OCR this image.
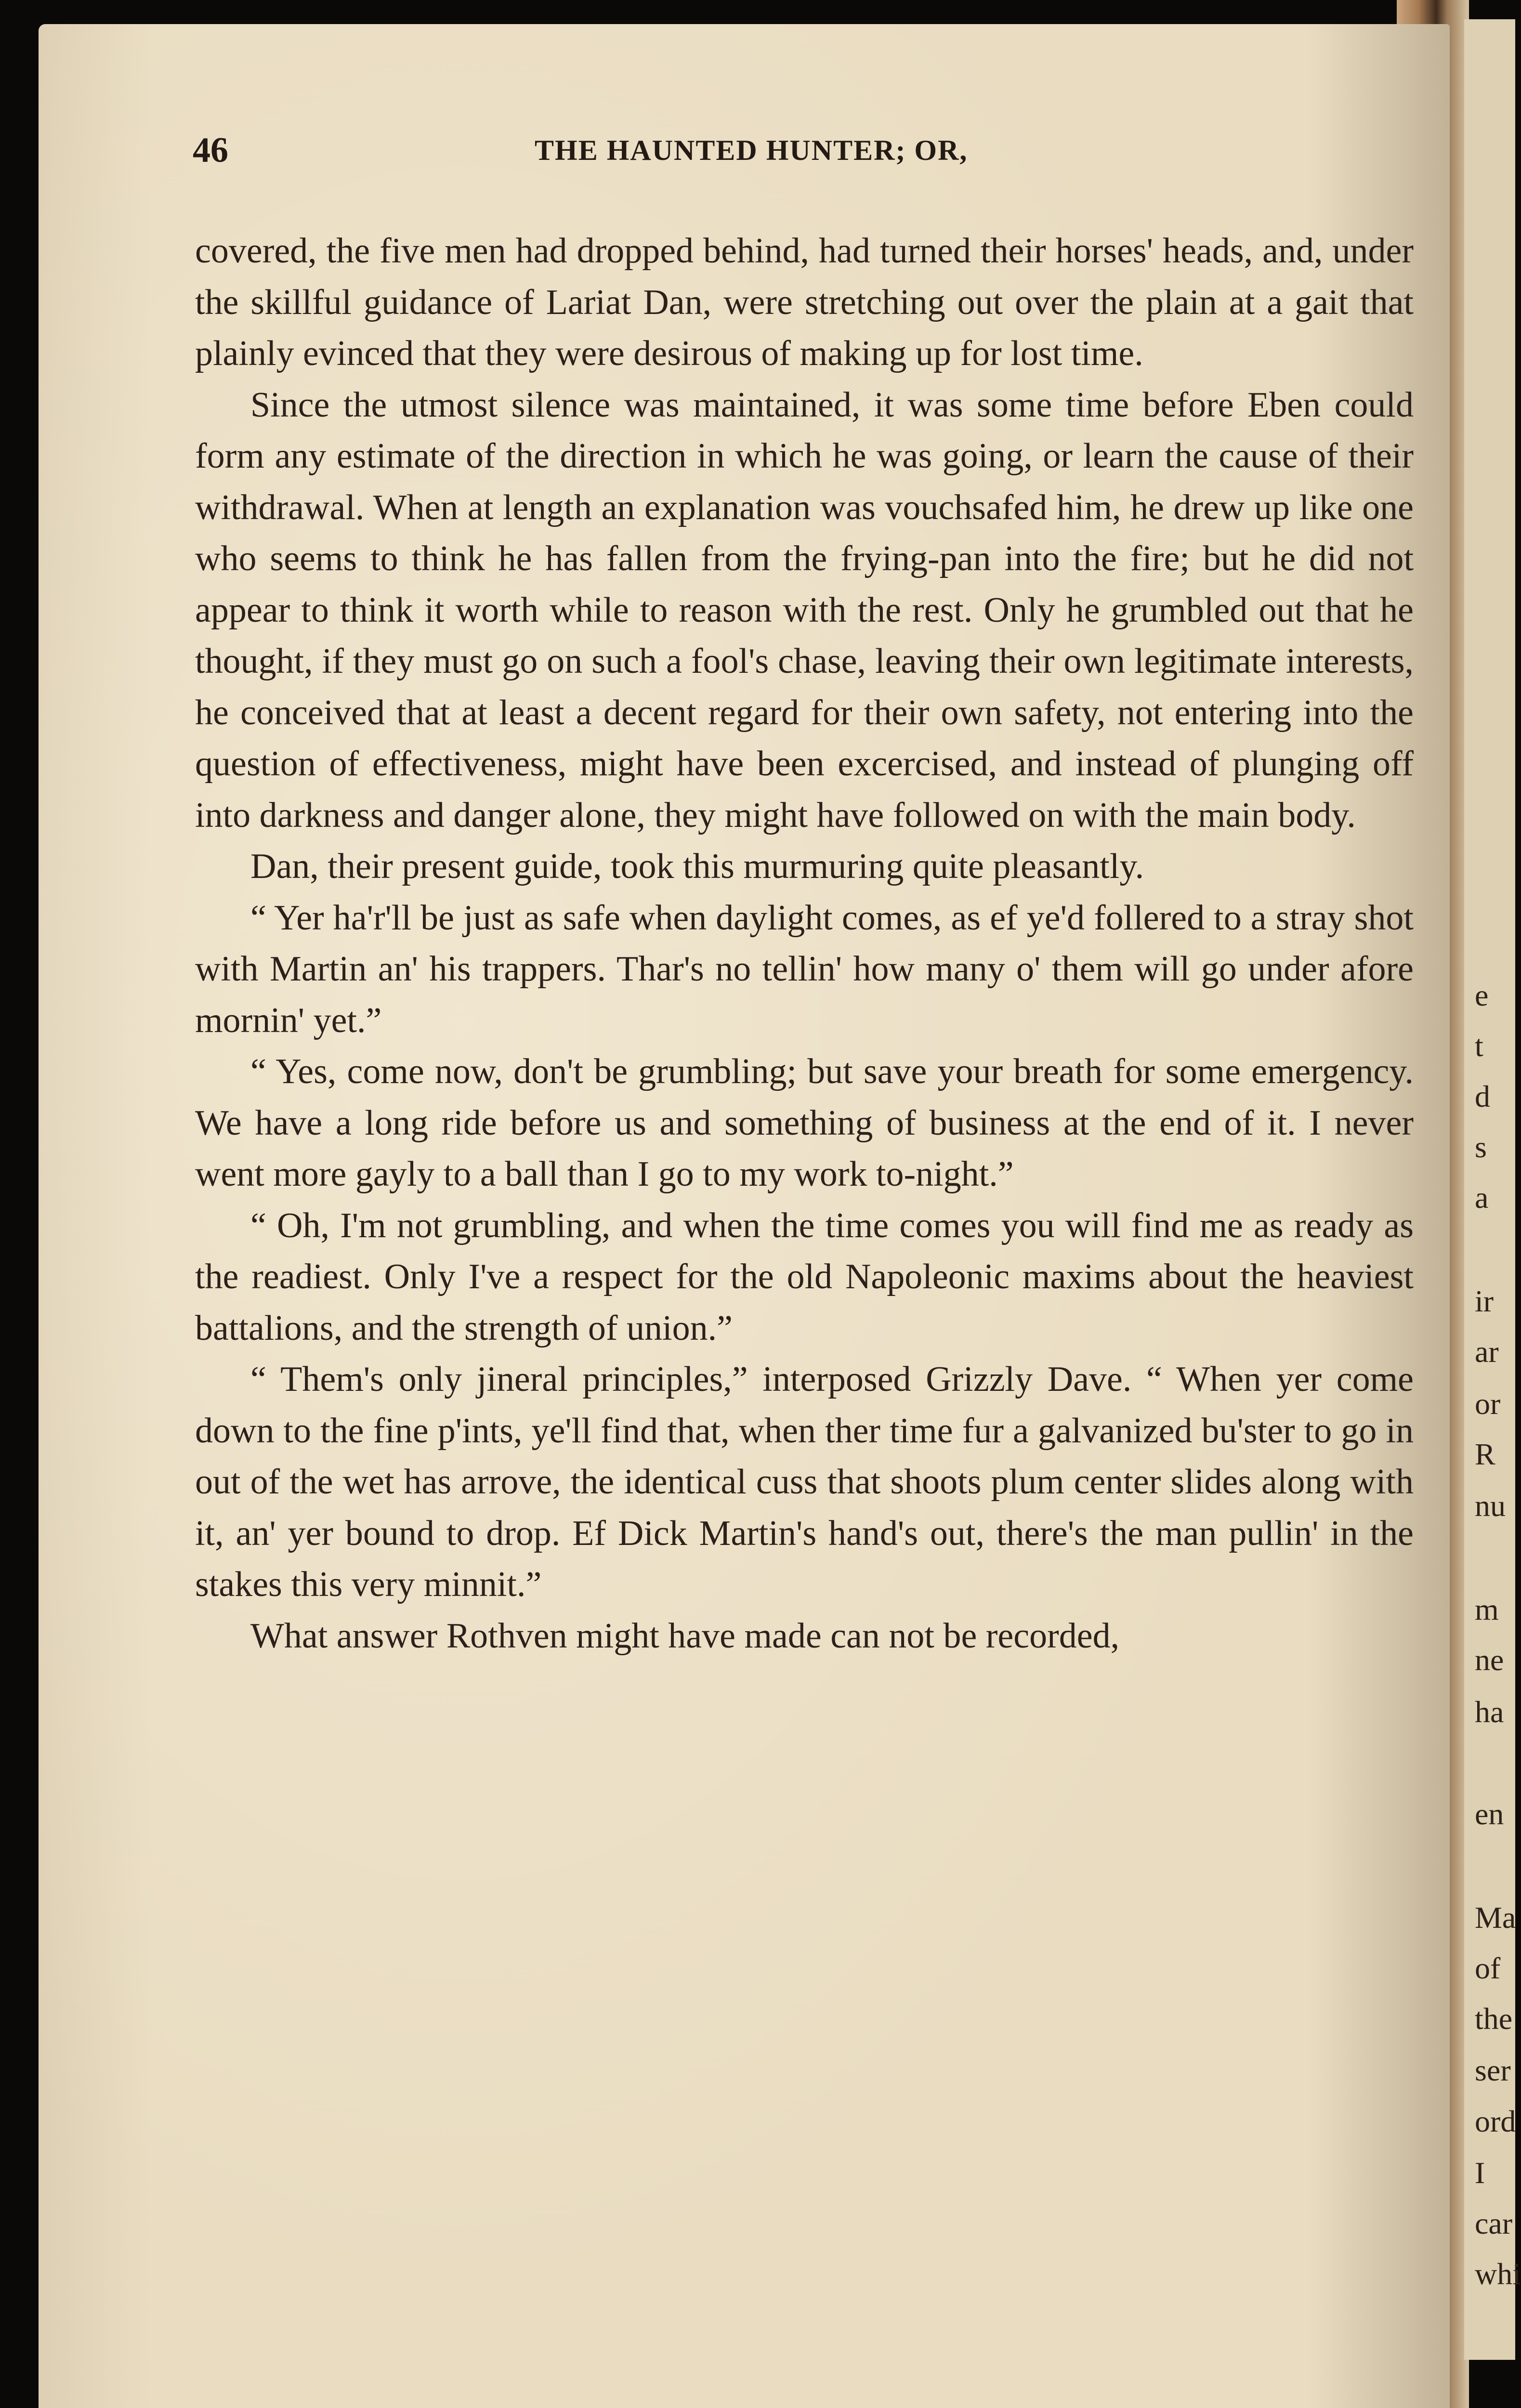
e
t
d
s
a
ir
ar
or
R
nu
m
ne
ha
en
Ma
of
the
ser
ord
I
car
whi
46	THE HAUNTED HUNTER; OR,

covered, the five men had dropped behind, had turned their horses' heads, and, under the skillful guidance of Lariat Dan, were stretching out over the plain at a gait that plainly evinced that they were desirous of making up for lost time.

Since the utmost silence was maintained, it was some time before Eben could form any estimate of the direction in which he was going, or learn the cause of their withdrawal. When at length an explanation was vouchsafed him, he drew up like one who seems to think he has fallen from the frying-pan into the fire; but he did not appear to think it worth while to reason with the rest. Only he grumbled out that he thought, if they must go on such a fool's chase, leaving their own legitimate interests, he conceived that at least a decent regard for their own safety, not entering into the question of effectiveness, might have been excercised, and instead of plunging off into darkness and danger alone, they might have followed on with the main body.

Dan, their present guide, took this murmuring quite pleasantly.

“ Yer ha'r'll be just as safe when daylight comes, as ef ye'd follered to a stray shot with Martin an' his trappers. Thar's no tellin' how many o' them will go under afore mornin' yet.”

“ Yes, come now, don't be grumbling; but save your breath for some emergency. We have a long ride before us and something of business at the end of it. I never went more gayly to a ball than I go to my work to-night.”

“ Oh, I'm not grumbling, and when the time comes you will find me as ready as the readiest. Only I've a respect for the old Napoleonic maxims about the heaviest battalions, and the strength of union.”

“ Them's only jineral principles,” interposed Grizzly Dave. “ When yer come down to the fine p'ints, ye'll find that, when ther time fur a galvanized bu'ster to go in out of the wet has arrove, the identical cuss that shoots plum center slides along with it, an' yer bound to drop. Ef Dick Martin's hand's out, there's the man pullin' in the stakes this very minnit.”

What answer Rothven might have made can not be recorded,
